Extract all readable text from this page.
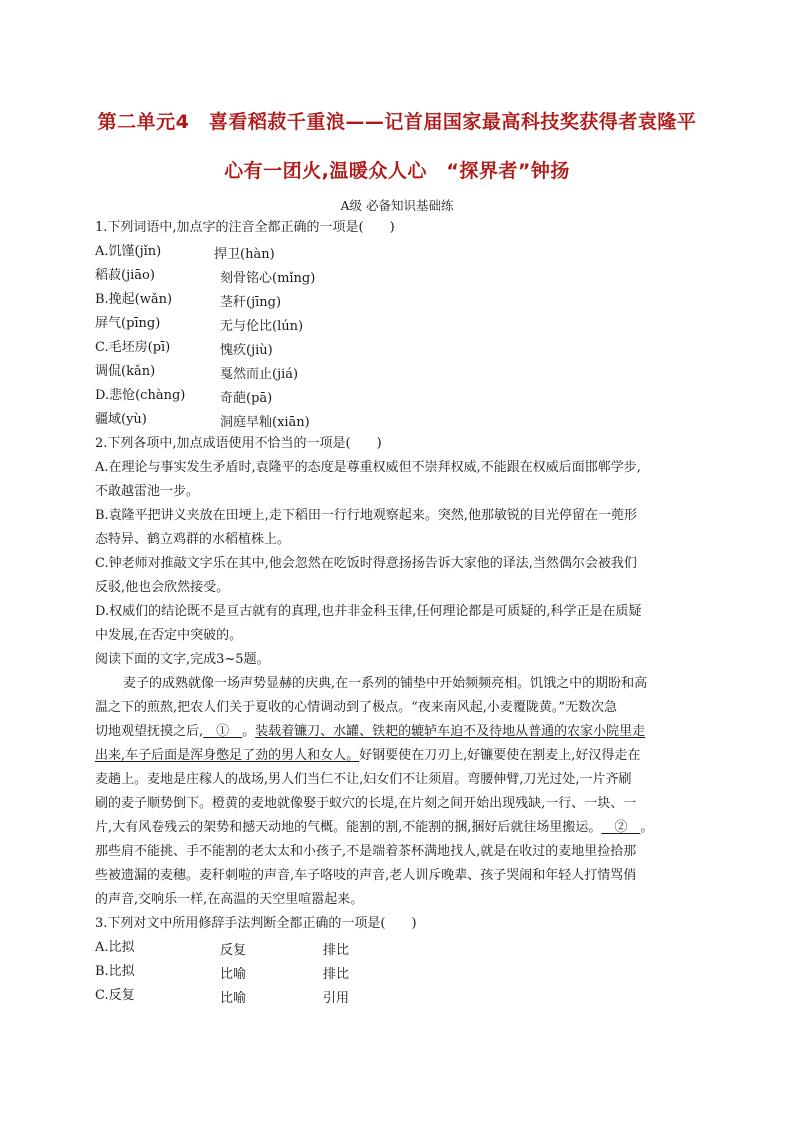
第二单元4　喜看稻菽千重浪——记首届国家最高科技奖获得者袁隆平
心有一团火,温暖众人心　“探界者”钟扬
A级 必备知识基础练
1.下列词语中,加点字的注音全都正确的一项是(　　)
A.饥馑(jǐn)	捍卫(hàn)
稻菽(jiāo)	刻骨铭心(mǐng)
B.挽起(wǎn)	茎秆(jīng)
屏气(pīng)	无与伦比(lún)
C.毛坯房(pī)	愧疚(jiù)
调侃(kǎn)	戛然而止(jiá)
D.悲怆(chàng)	奇葩(pā)
疆域(yù)	洞庭早籼(xiān)
2.下列各项中,加点成语使用不恰当的一项是(　　)
A.在理论与事实发生矛盾时,袁隆平的态度是尊重权威但不崇拜权威,不能跟在权威后面邯郸学步,
不敢越雷池一步。
B.袁隆平把讲义夹放在田埂上,走下稻田一行行地观察起来。突然,他那敏锐的目光停留在一蔸形
态特异、鹤立鸡群的水稻植株上。
C.钟老师对推敲文字乐在其中,他会忽然在吃饭时得意扬扬告诉大家他的译法,当然偶尔会被我们
反驳,他也会欣然接受。
D.权威们的结论既不是亘古就有的真理,也并非金科玉律,任何理论都是可质疑的,科学正是在质疑
中发展,在否定中突破的。
阅读下面的文字,完成3~5题。
麦子的成熟就像一场声势显赫的庆典,在一系列的铺垫中开始频频亮相。饥饿之中的期盼和高
温之下的煎熬,把农人们关于夏收的心情调动到了极点。“夜来南风起,小麦覆陇黄。”无数次急
切地观望抚摸之后,　①　。装载着镰刀、水罐、铁耙的辘轳车迫不及待地从普通的农家小院里走
出来,车子后面是浑身憋足了劲的男人和女人。好钢要使在刀刃上,好镰要使在割麦上,好汉得走在
麦趟上。麦地是庄稼人的战场,男人们当仁不让,妇女们不让须眉。弯腰伸臂,刀光过处,一片齐刷
刷的麦子顺势倒下。橙黄的麦地就像娶于蚁穴的长堤,在片刻之间开始出现残缺,一行、一块、一
片,大有风卷残云的架势和撼天动地的气概。能割的割,不能割的捆,捆好后就往场里搬运。　②　。
那些肩不能挑、手不能割的老太太和小孩子,不是端着茶杯满地找人,就是在收过的麦地里捡拾那
些被遗漏的麦穗。麦秆刺啦的声音,车子咯吱的声音,老人训斥晚辈、孩子哭闹和年轻人打情骂俏
的声音,交响乐一样,在高温的天空里喧嚣起来。
3.下列对文中所用修辞手法判断全都正确的一项是(　　)
A.比拟	反复	排比
B.比拟	比喻	排比
C.反复	比喻	引用
